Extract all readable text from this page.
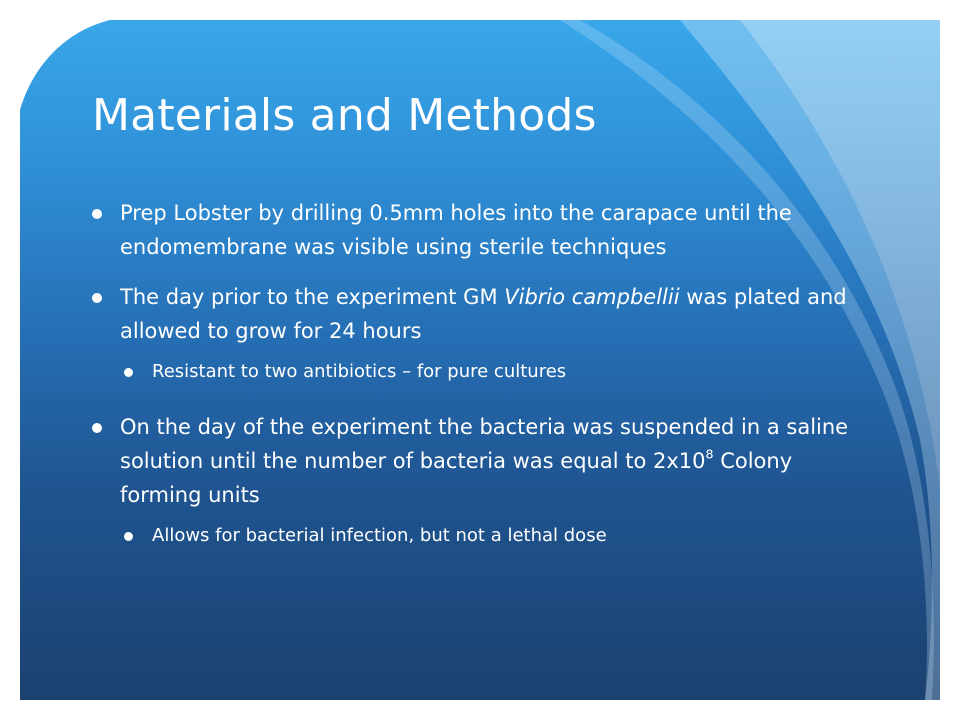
Materials and Methods

Prep Lobster by drilling 0.5mm holes into the carapace until the endomembrane was visible using sterile techniques

The day prior to the experiment GM Vibrio campbellii was plated and allowed to grow for 24 hours

Resistant to two antibiotics – for pure cultures

On the day of the experiment the bacteria was suspended in a saline solution until the number of bacteria was equal to $2x10^8$ Colony forming units

Allows for bacterial infection, but not a lethal dose
